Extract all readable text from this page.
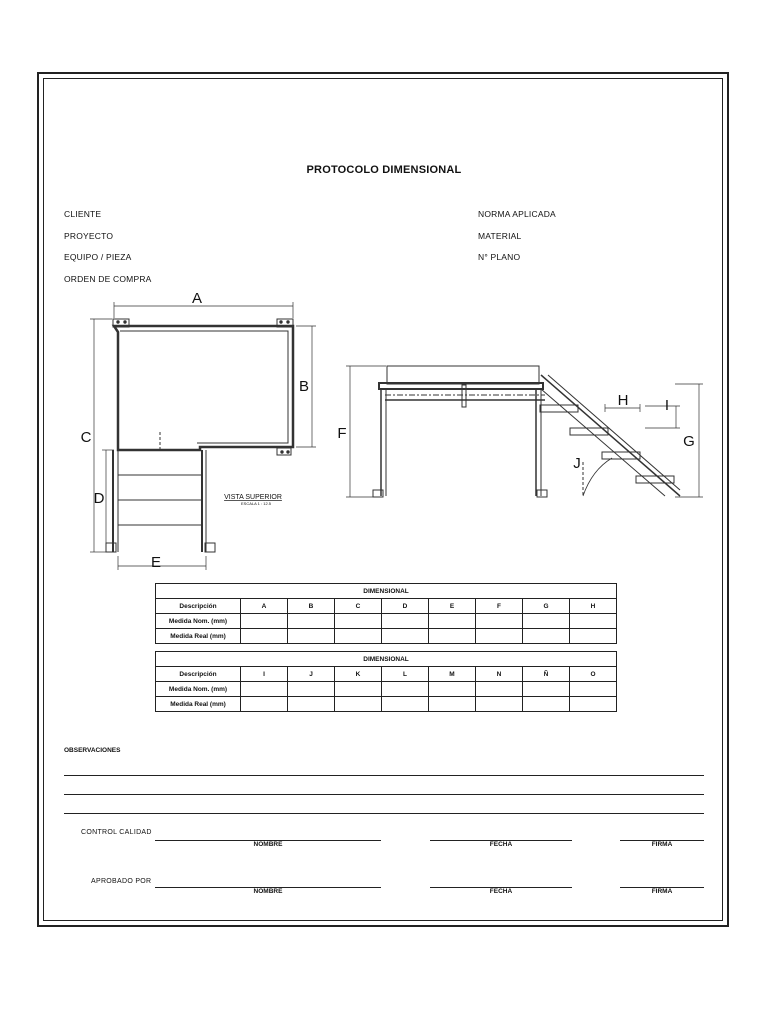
PROTOCOLO DIMENSIONAL
CLIENTE
PROYECTO
EQUIPO / PIEZA
ORDEN DE COMPRA
NORMA APLICADA
MATERIAL
N° PLANO
A
B
C
D
E
F	G
H I
J
VISTA SUPERIOR
ESCALA 1 : 12.5
DIMENSIONAL								
Descripción	A	B	C	D	E	F	G	H
Medida Nom. (mm)								
Medida Real (mm)								
DIMENSIONAL								
Descripción	I	J	K	L	M	N	Ñ	O
Medida Nom. (mm)								
Medida Real (mm)								
OBSERVACIONES
CONTROL CALIDAD
NOMBRE	FECHA	FIRMA
APROBADO POR
NOMBRE	FECHA	FIRMA
